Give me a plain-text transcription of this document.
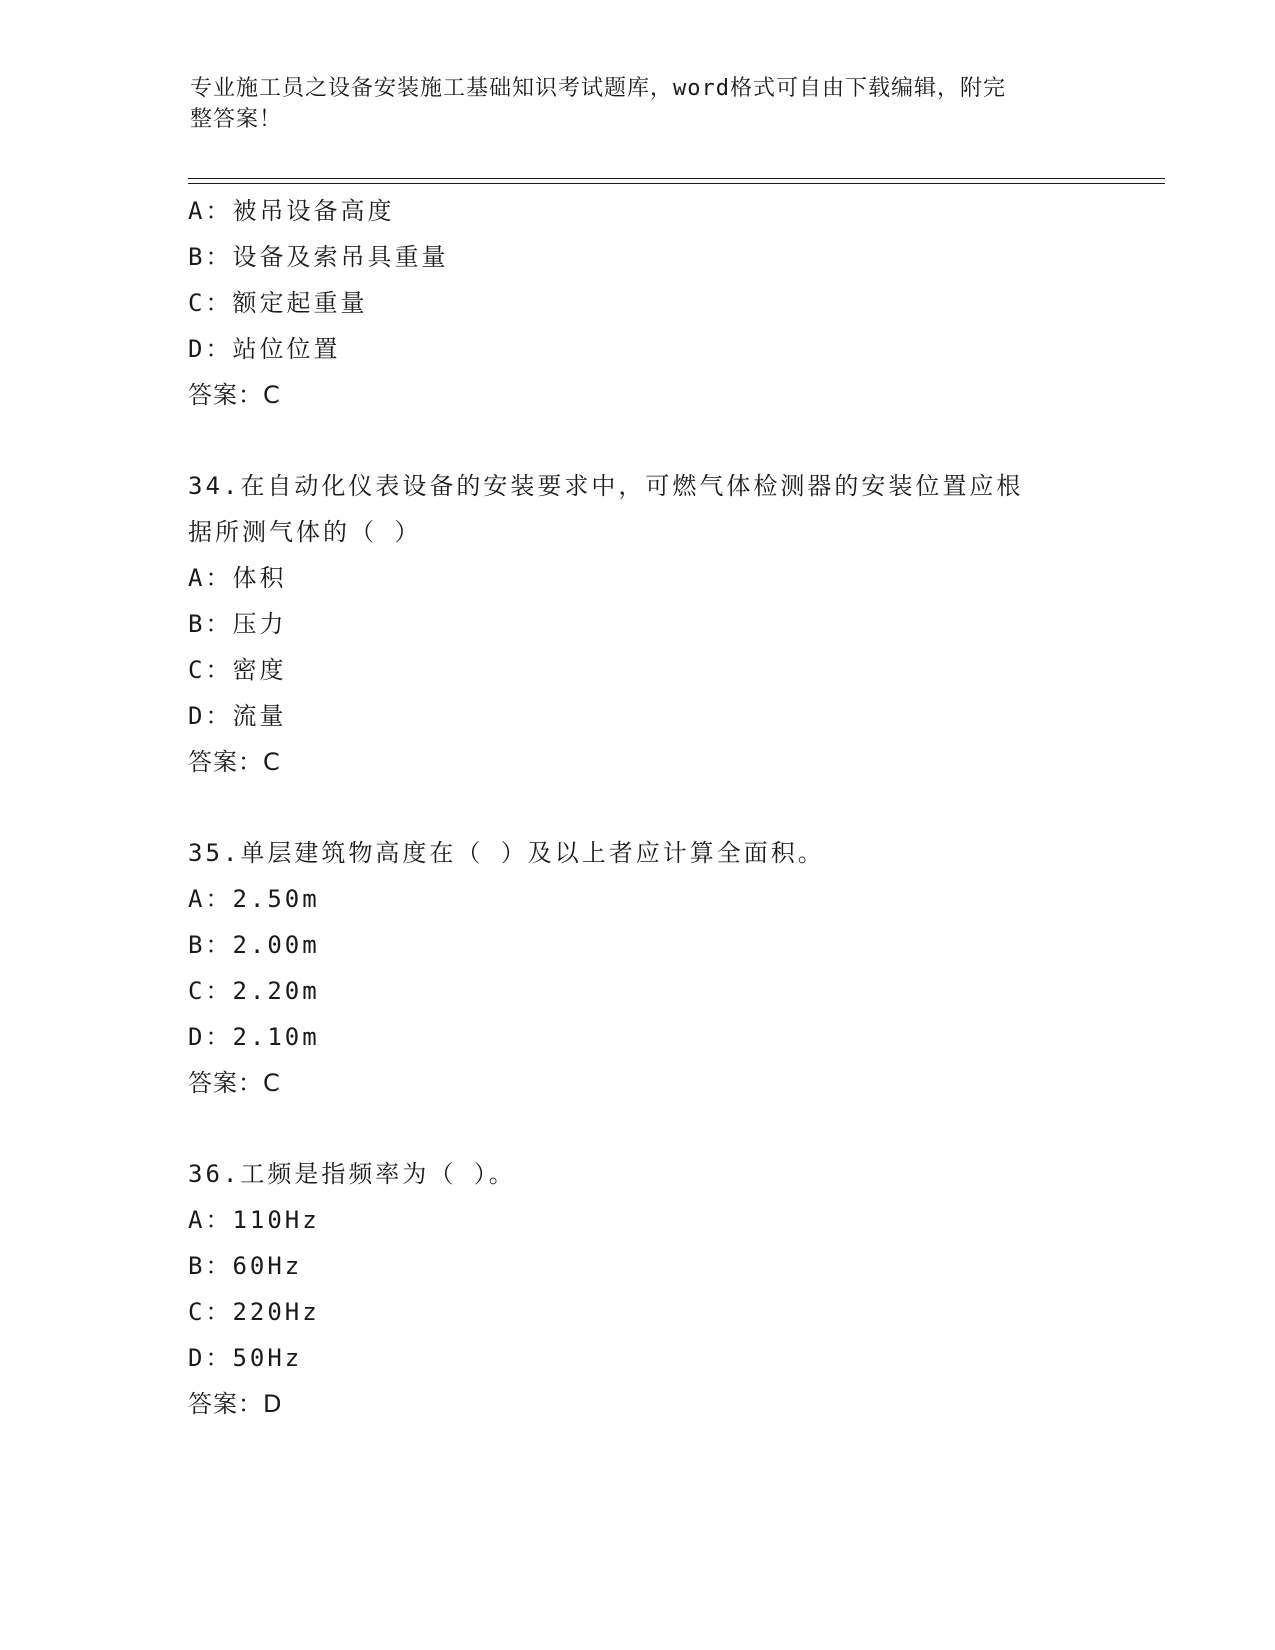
专业施工员之设备安装施工基础知识考试题库，word格式可自由下载编辑，附完
整答案！
A：被吊设备高度
B：设备及索吊具重量
C：额定起重量
D：站位位置
答案：C
34.在自动化仪表设备的安装要求中，可燃气体检测器的安装位置应根
据所测气体的（ ）
A：体积
B：压力
C：密度
D：流量
答案：C
35.单层建筑物高度在（ ）及以上者应计算全面积。
A：2.50m
B：2.00m
C：2.20m
D：2.10m
答案：C
36.工频是指频率为（ ）。
A：110Hz
B：60Hz
C：220Hz
D：50Hz
答案：D
